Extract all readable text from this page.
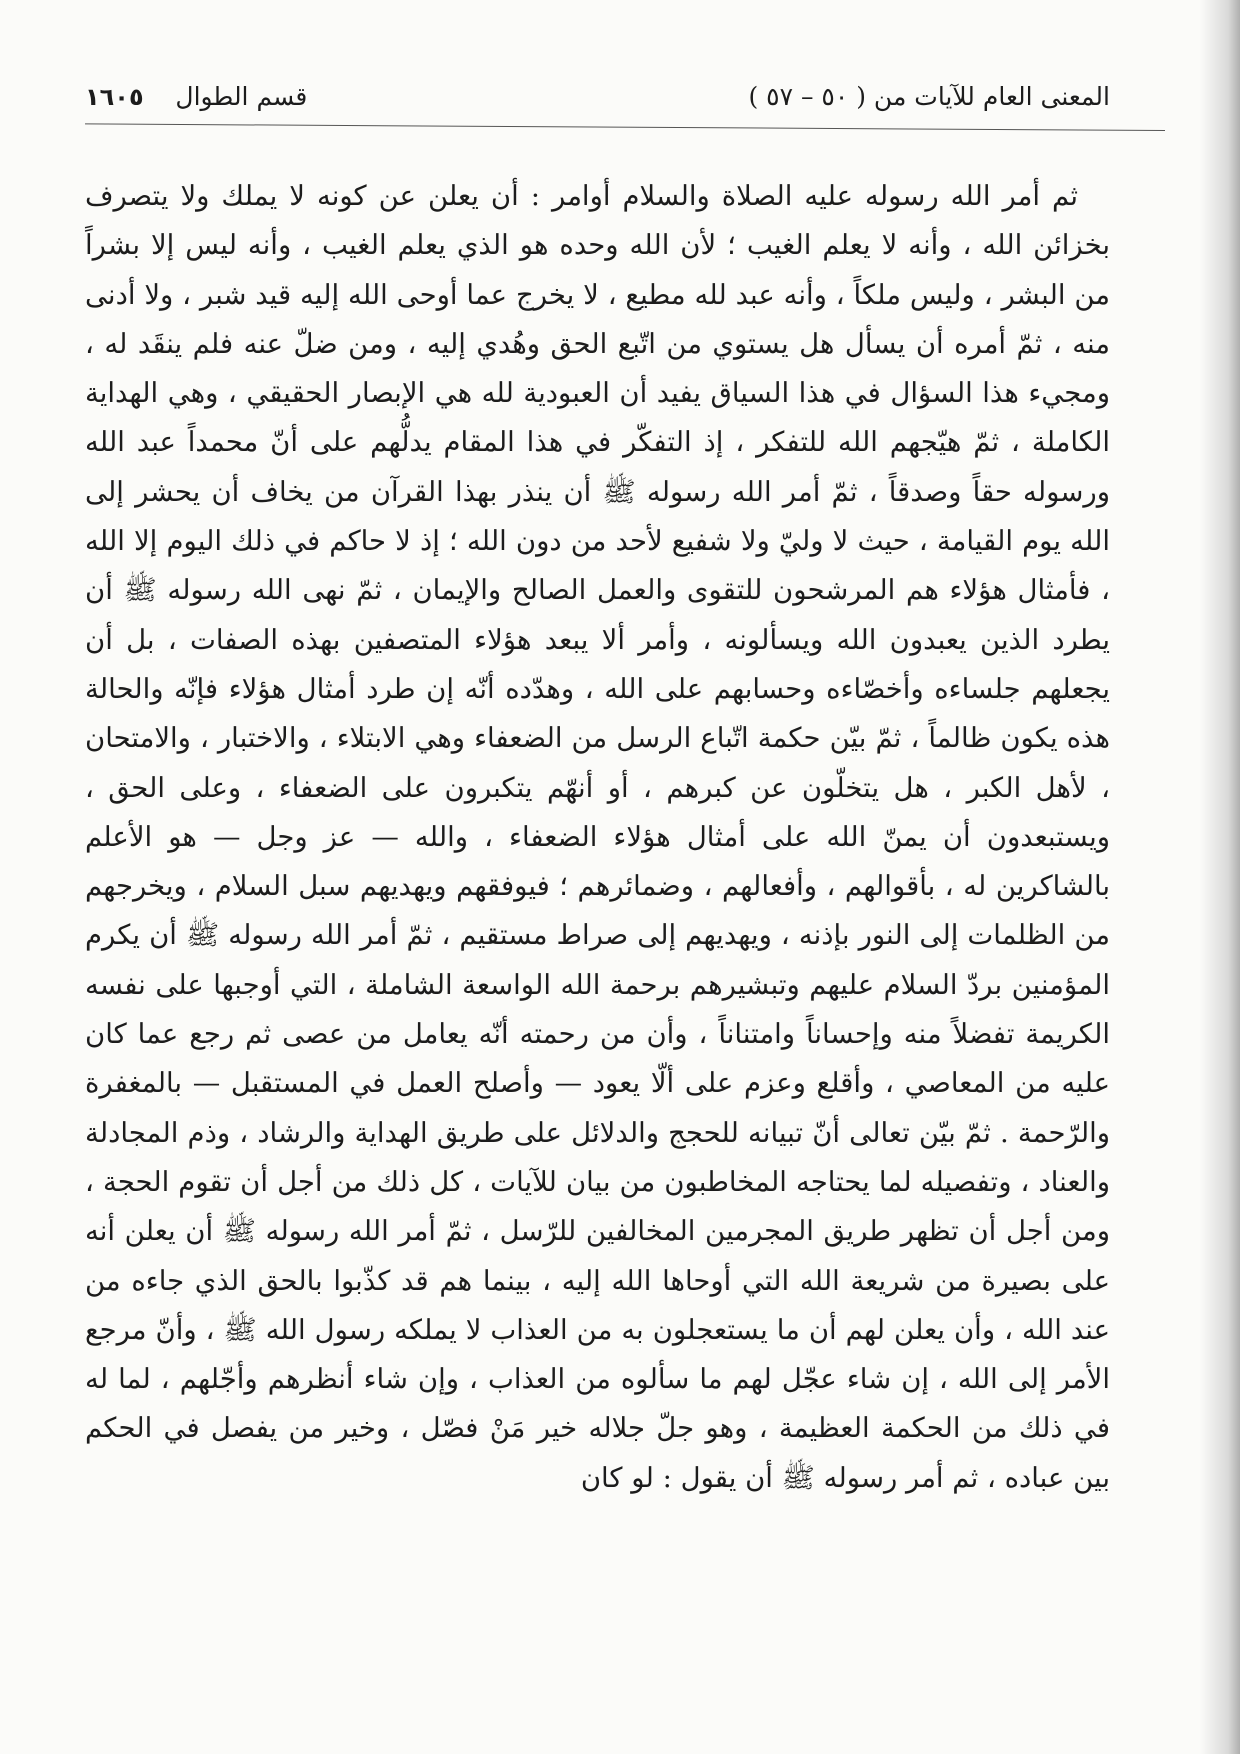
المعنى العام للآيات من ( ٥٠ – ٥٧ )
قسم الطوال    ١٦٠٥

ثم أمر الله رسوله عليه الصلاة والسلام أوامر : أن يعلن عن كونه لا يملك ولا يتصرف بخزائن الله ، وأنه لا يعلم الغيب ؛ لأن الله وحده هو الذي يعلم الغيب ، وأنه ليس إلا بشراً من البشر ، وليس ملكاً ، وأنه عبد لله مطيع ، لا يخرج عما أوحى الله إليه قيد شبر ، ولا أدنى منه ، ثمّ أمره أن يسأل هل يستوي من اتّبع الحق وهُدي إليه ، ومن ضلّ عنه فلم ينقَد له ، ومجيء هذا السؤال في هذا السياق يفيد أن العبودية لله هي الإبصار الحقيقي ، وهي الهداية الكاملة ، ثمّ هيّجهم الله للتفكر ، إذ التفكّر في هذا المقام يدلُّهم على أنّ محمداً عبد الله ورسوله حقاً وصدقاً ، ثمّ أمر الله رسوله ﷺ أن ينذر بهذا القرآن من يخاف أن يحشر إلى الله يوم القيامة ، حيث لا وليّ ولا شفيع لأحد من دون الله ؛ إذ لا حاكم في ذلك اليوم إلا الله ، فأمثال هؤلاء هم المرشحون للتقوى والعمل الصالح والإيمان ، ثمّ نهى الله رسوله ﷺ أن يطرد الذين يعبدون الله ويسألونه ، وأمر ألا يبعد هؤلاء المتصفين بهذه الصفات ، بل أن يجعلهم جلساءه وأخصّاءه وحسابهم على الله ، وهدّده أنّه إن طرد أمثال هؤلاء فإنّه والحالة هذه يكون ظالماً ، ثمّ بيّن حكمة اتّباع الرسل من الضعفاء وهي الابتلاء ، والاختبار ، والامتحان ، لأهل الكبر ، هل يتخلّون عن كبرهم ، أو أنهّم يتكبرون على الضعفاء ، وعلى الحق ، ويستبعدون أن يمنّ الله على أمثال هؤلاء الضعفاء ، والله — عز وجل — هو الأعلم بالشاكرين له ، بأقوالهم ، وأفعالهم ، وضمائرهم ؛ فيوفقهم ويهديهم سبل السلام ، ويخرجهم من الظلمات إلى النور بإذنه ، ويهديهم إلى صراط مستقيم ، ثمّ أمر الله رسوله ﷺ أن يكرم المؤمنين بردّ السلام عليهم وتبشيرهم برحمة الله الواسعة الشاملة ، التي أوجبها على نفسه الكريمة تفضلاً منه وإحساناً وامتناناً ، وأن من رحمته أنّه يعامل من عصى ثم رجع عما كان عليه من المعاصي ، وأقلع وعزم على ألّا يعود — وأصلح العمل في المستقبل — بالمغفرة والرّحمة . ثمّ بيّن تعالى أنّ تبيانه للحجج والدلائل على طريق الهداية والرشاد ، وذم المجادلة والعناد ، وتفصيله لما يحتاجه المخاطبون من بيان للآيات ، كل ذلك من أجل أن تقوم الحجة ، ومن أجل أن تظهر طريق المجرمين المخالفين للرّسل ، ثمّ أمر الله رسوله ﷺ أن يعلن أنه على بصيرة من شريعة الله التي أوحاها الله إليه ، بينما هم قد كذّبوا بالحق الذي جاءه من عند الله ، وأن يعلن لهم أن ما يستعجلون به من العذاب لا يملكه رسول الله ﷺ ، وأنّ مرجع الأمر إلى الله ، إن شاء عجّل لهم ما سألوه من العذاب ، وإن شاء أنظرهم وأجّلهم ، لما له في ذلك من الحكمة العظيمة ، وهو جلّ جلاله خير مَنْ فصّل ، وخير من يفصل في الحكم بين عباده ، ثم أمر رسوله ﷺ أن يقول : لو كان
